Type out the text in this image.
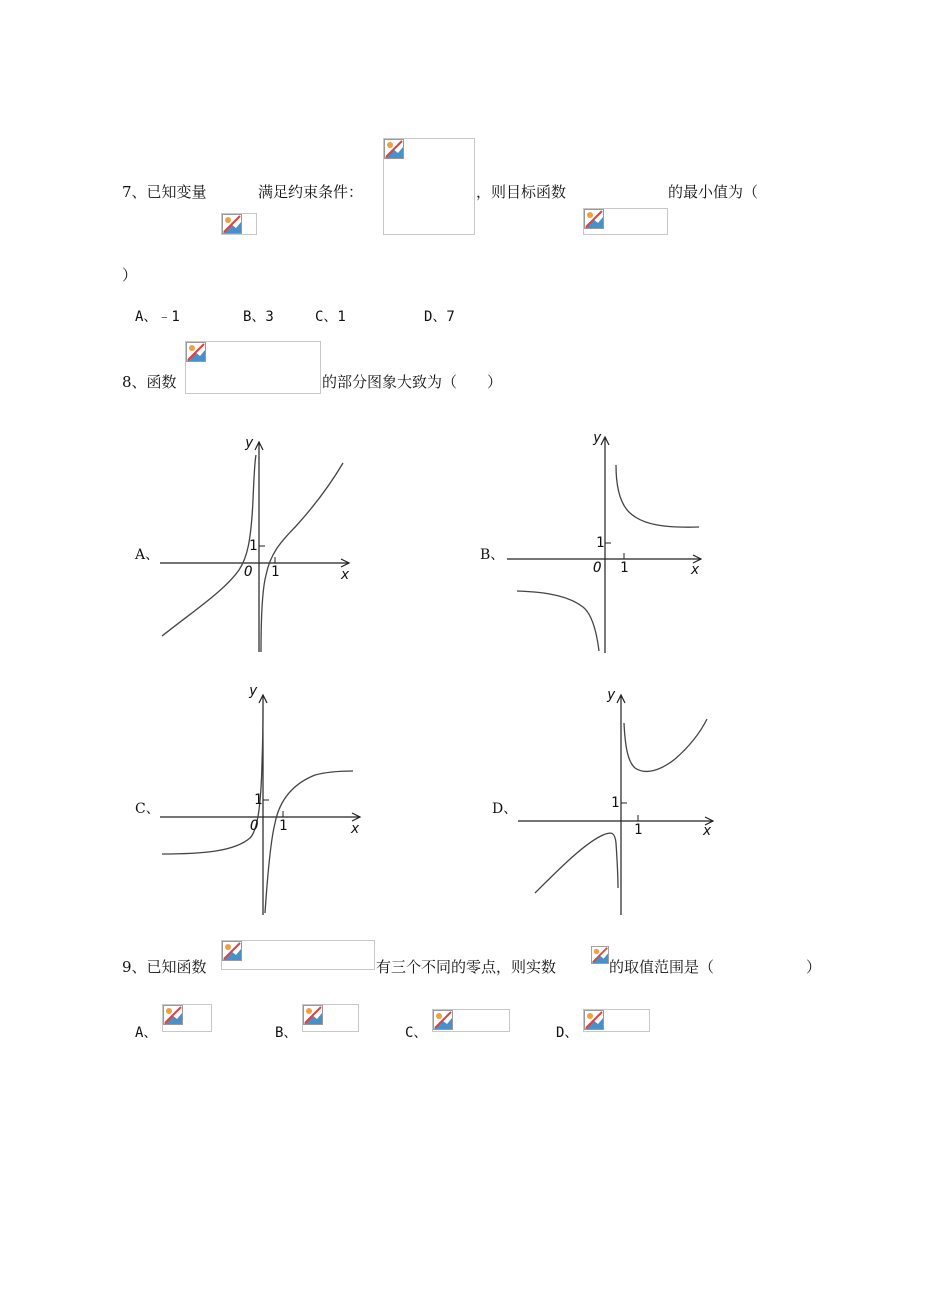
7、已知变量	满足约束条件：	，则目标函数	的最小值为（
）
A、﹣1	B、3	C、1	D、7
8、函数	的部分图象大致为（　　）
A、
y
x
O 1
1
B、
y
x
O 1
1
C、
y
x
O 1
1
D、
y
x
1
1
9、已知函数	有三个不同的零点，则实数	的取值范围是（	）
A、	B、	C、	D、
